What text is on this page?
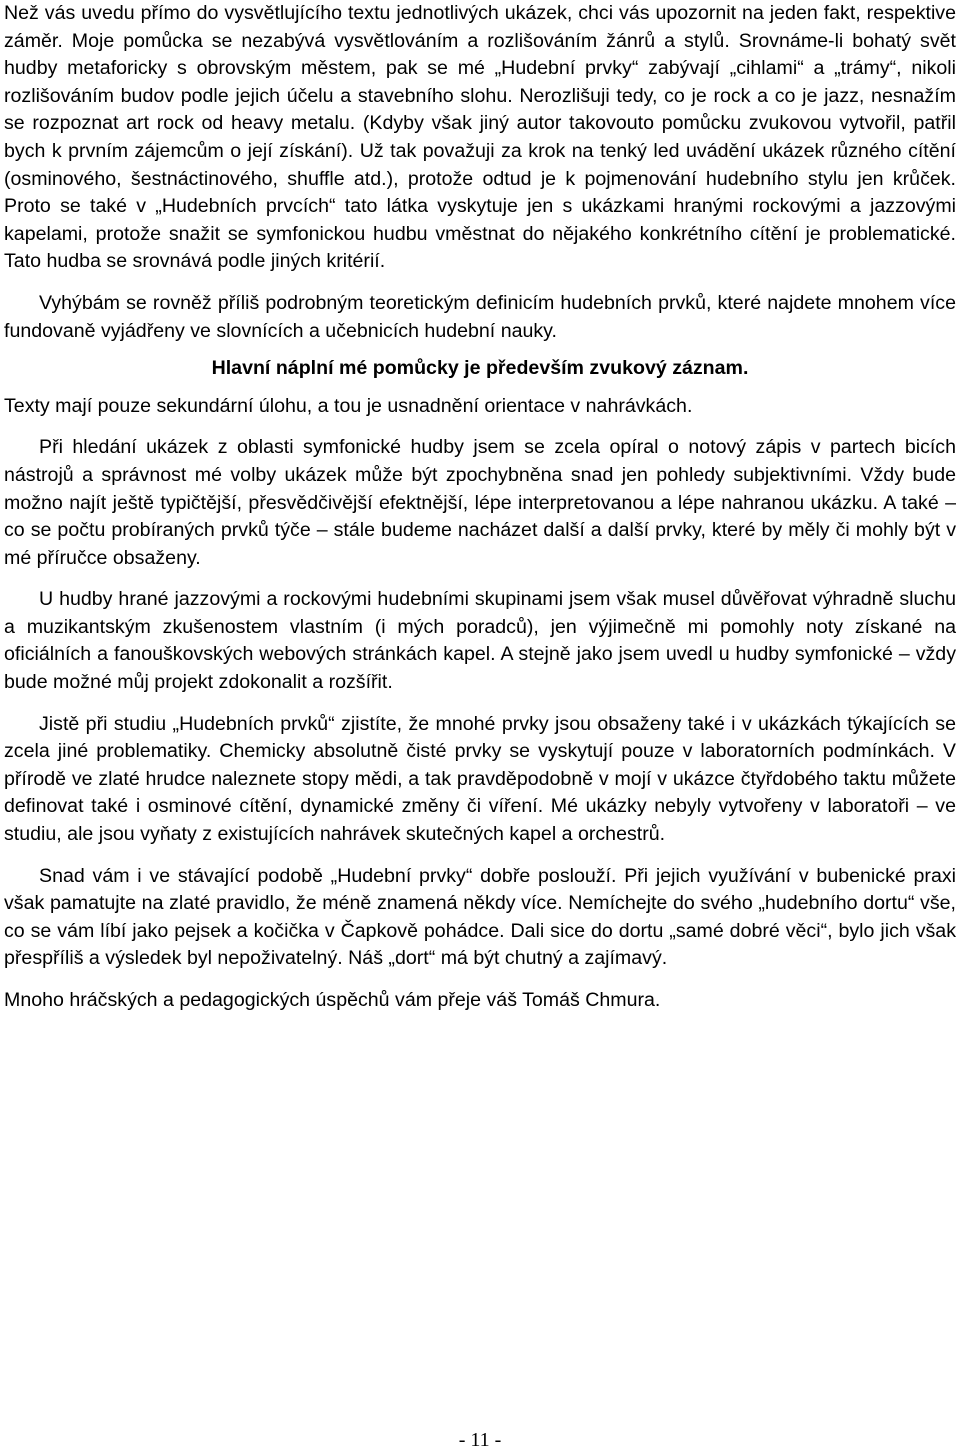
Než vás uvedu přímo do vysvětlujícího textu jednotlivých ukázek, chci vás upozornit na jeden fakt, respektive záměr. Moje pomůcka se nezabývá vysvětlováním a rozlišováním žánrů a stylů. Srovnáme-li bohatý svět hudby metaforicky s obrovským městem, pak se mé „Hudební prvky“ zabývají „cihlami“ a „trámy“, nikoli rozlišováním budov podle jejich účelu a stavebního slohu. Nerozlišuji tedy, co je rock a co je jazz, nesnažím se rozpoznat art rock od heavy metalu. (Kdyby však jiný autor takovouto pomůcku zvukovou vytvořil, patřil bych k prvním zájemcům o její získání). Už tak považuji za krok na tenký led uvádění ukázek různého cítění (osminového, šestnáctinového, shuffle atd.), protože odtud je k pojmenování hudebního stylu jen krůček. Proto se také v „Hudebních prvcích“ tato látka vyskytuje jen s ukázkami hranými rockovými a jazzovými kapelami, protože snažit se symfonickou hudbu vměstnat do nějakého konkrétního cítění je problematické. Tato hudba se srovnává podle jiných kritérií.

Vyhýbám se rovněž příliš podrobným teoretickým definicím hudebních prvků, které najdete mnohem více fundovaně vyjádřeny ve slovnících a učebnicích hudební nauky.

Hlavní náplní mé pomůcky je především zvukový záznam.

Texty mají pouze sekundární úlohu, a tou je usnadnění orientace v nahrávkách.

Při hledání ukázek z oblasti symfonické hudby jsem se zcela opíral o notový zápis v partech bicích nástrojů a správnost mé volby ukázek může být zpochybněna snad jen pohledy subjektivními. Vždy bude možno najít ještě typičtější, přesvědčivější efektnější, lépe interpretovanou a lépe nahranou ukázku. A také – co se počtu probíraných prvků týče – stále budeme nacházet další a další prvky, které by měly či mohly být v mé příručce obsaženy.

U hudby hrané jazzovými a rockovými hudebními skupinami jsem však musel důvěřovat výhradně sluchu a muzikantským zkušenostem vlastním (i mých poradců), jen výjimečně mi pomohly noty získané na oficiálních a fanouškovských webových stránkách kapel. A stejně jako jsem uvedl u hudby symfonické – vždy bude možné můj projekt zdokonalit a rozšířit.

Jistě při studiu „Hudebních prvků“ zjistíte, že mnohé prvky jsou obsaženy také i v ukázkách týkajících se zcela jiné problematiky. Chemicky absolutně čisté prvky se vyskytují pouze v laboratorních podmínkách. V přírodě ve zlaté hrudce naleznete stopy mědi, a tak pravděpodobně v mojí v ukázce čtyřdobého taktu můžete definovat také i osminové cítění, dynamické změny či víření. Mé ukázky nebyly vytvořeny v laboratoři – ve studiu, ale jsou vyňaty z existujících nahrávek skutečných kapel a orchestrů.

Snad vám i ve stávající podobě „Hudební prvky“ dobře poslouží. Při jejich využívání v bubenické praxi však pamatujte na zlaté pravidlo, že méně znamená někdy více. Nemíchejte do svého „hudebního dortu“ vše, co se vám líbí jako pejsek a kočička v Čapkově pohádce. Dali sice do dortu „samé dobré věci“, bylo jich však přespříliš a výsledek byl nepoživatelný. Náš „dort“ má být chutný a zajímavý.

Mnoho hráčských a pedagogických úspěchů vám přeje váš Tomáš Chmura.

- 11 -
